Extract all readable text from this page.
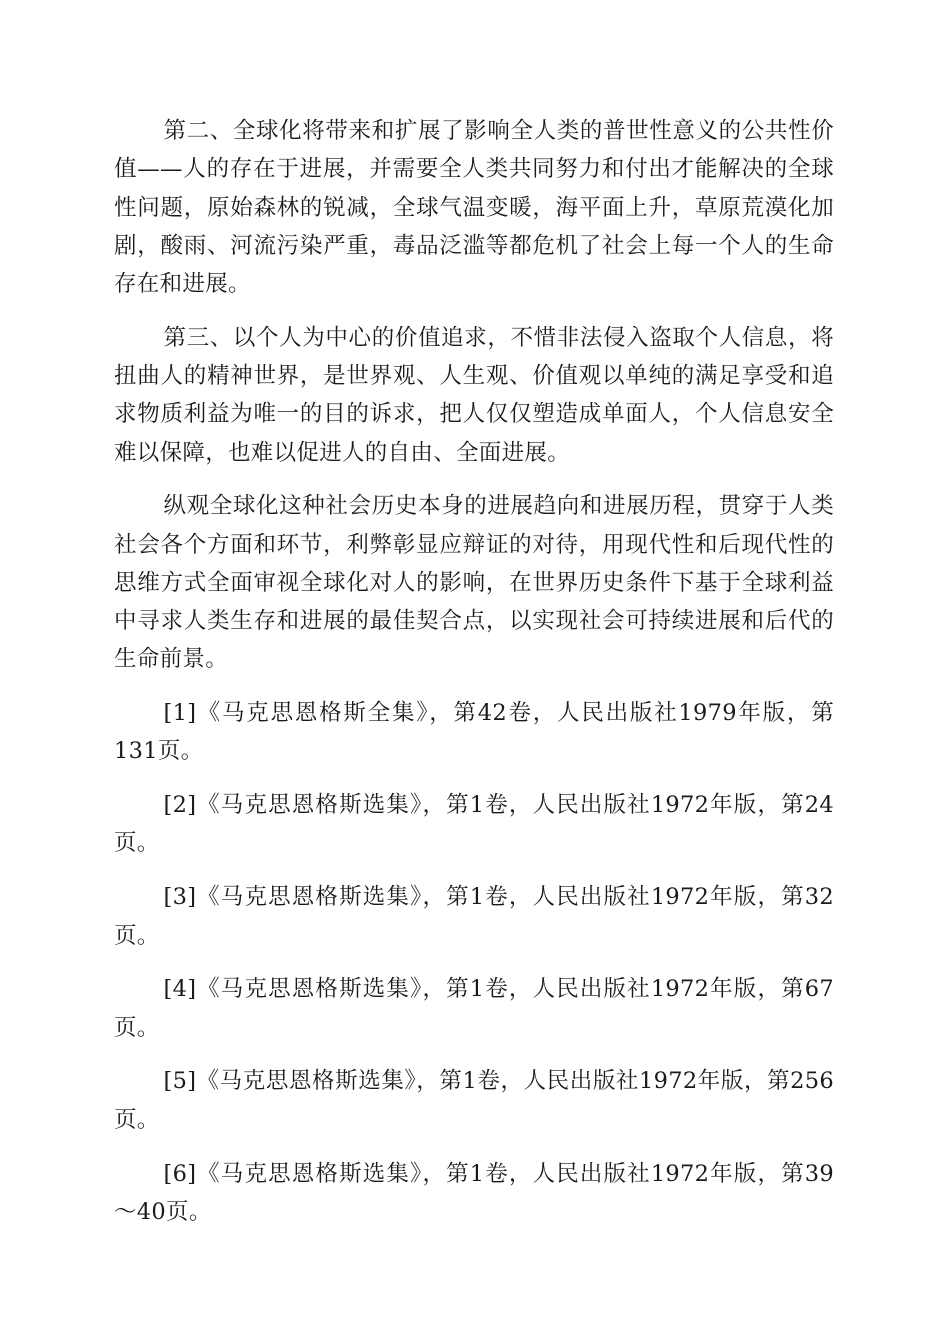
第二、全球化将带来和扩展了影响全人类的普世性意义的公共性价值——人的存在于进展，并需要全人类共同努力和付出才能解决的全球性问题，原始森林的锐减，全球气温变暖，海平面上升，草原荒漠化加剧，酸雨、河流污染严重，毒品泛滥等都危机了社会上每一个人的生命存在和进展。

第三、以个人为中心的价值追求，不惜非法侵入盗取个人信息，将扭曲人的精神世界，是世界观、人生观、价值观以单纯的满足享受和追求物质利益为唯一的目的诉求，把人仅仅塑造成单面人，个人信息安全难以保障，也难以促进人的自由、全面进展。

纵观全球化这种社会历史本身的进展趋向和进展历程，贯穿于人类社会各个方面和环节，利弊彰显应辩证的对待，用现代性和后现代性的思维方式全面审视全球化对人的影响，在世界历史条件下基于全球利益中寻求人类生存和进展的最佳契合点，以实现社会可持续进展和后代的生命前景。

[1]《马克思恩格斯全集》，第42卷，人民出版社1979年版，第131页。

[2]《马克思恩格斯选集》，第1卷，人民出版社1972年版，第24页。

[3]《马克思恩格斯选集》，第1卷，人民出版社1972年版，第32页。

[4]《马克思恩格斯选集》，第1卷，人民出版社1972年版，第67页。

[5]《马克思恩格斯选集》，第1卷，人民出版社1972年版，第256页。

[6]《马克思恩格斯选集》，第1卷，人民出版社1972年版，第39～40页。
